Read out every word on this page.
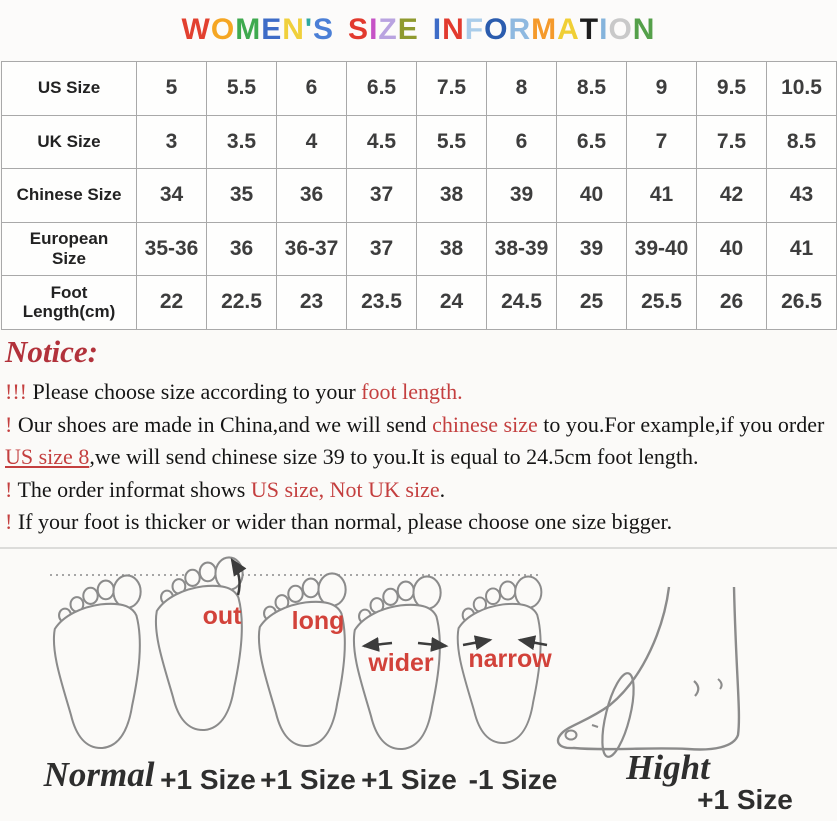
W O M E N ' S S I Z E I N F O R M A T I O N
US Size	5	5.5	6	6.5	7.5	8	8.5	9	9.5	10.5
UK Size	3	3.5	4	4.5	5.5	6	6.5	7	7.5	8.5
Chinese Size	34	35	36	37	38	39	40	41	42	43
European Size	35-36	36	36-37	37	38	38-39	39	39-40	40	41
Foot Length(cm)	22	22.5	23	23.5	24	24.5	25	25.5	26	26.5
Notice:

!!! Please choose size according to your foot length.

! Our shoes are made in China,and we will send chinese size to you.For example,if you order US size 8,we will send chinese size 39 to you.It is equal to 24.5cm foot length.

! The order informat shows US size, Not UK size.

! If your foot is thicker or wider than normal, please choose one size bigger.

out long
wider narrow
Normal +1 Size +1 Size +1 Size -1 Size Hight
+1 Size
